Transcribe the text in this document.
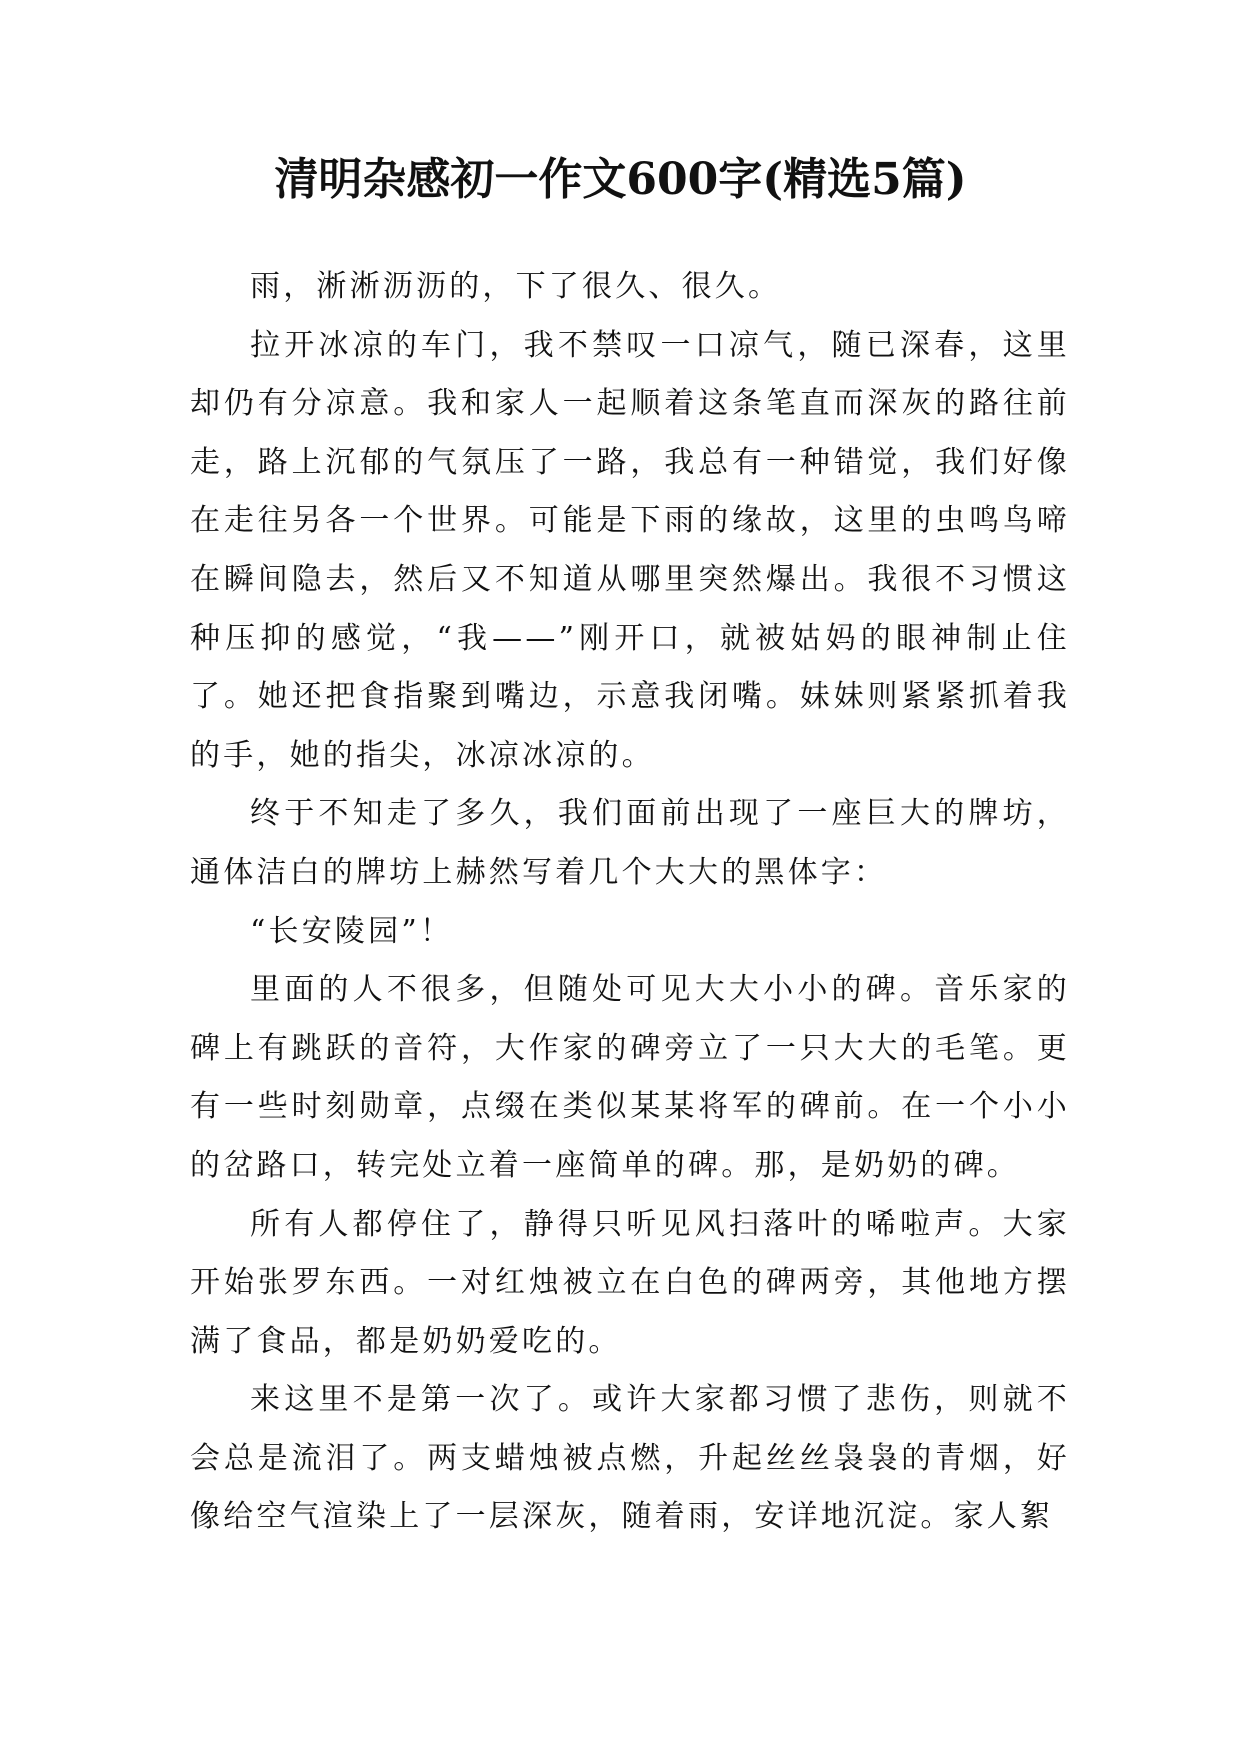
清明杂感初一作文600字(精选5篇)

雨，淅淅沥沥的，下了很久、很久。

拉开冰凉的车门，我不禁叹一口凉气，随已深春，这里却仍有分凉意。我和家人一起顺着这条笔直而深灰的路往前走，路上沉郁的气氛压了一路，我总有一种错觉，我们好像在走往另各一个世界。可能是下雨的缘故，这里的虫鸣鸟啼在瞬间隐去，然后又不知道从哪里突然爆出。我很不习惯这种压抑的感觉，“我——”刚开口，就被姑妈的眼神制止住了。她还把食指聚到嘴边，示意我闭嘴。妹妹则紧紧抓着我的手，她的指尖，冰凉冰凉的。

终于不知走了多久，我们面前出现了一座巨大的牌坊，通体洁白的牌坊上赫然写着几个大大的黑体字：

“长安陵园”！

里面的人不很多，但随处可见大大小小的碑。音乐家的碑上有跳跃的音符，大作家的碑旁立了一只大大的毛笔。更有一些时刻勋章，点缀在类似某某将军的碑前。在一个小小的岔路口，转完处立着一座简单的碑。那，是奶奶的碑。

所有人都停住了，静得只听见风扫落叶的唏啦声。大家开始张罗东西。一对红烛被立在白色的碑两旁，其他地方摆满了食品，都是奶奶爱吃的。

来这里不是第一次了。或许大家都习惯了悲伤，则就不会总是流泪了。两支蜡烛被点燃，升起丝丝袅袅的青烟，好像给空气渲染上了一层深灰，随着雨，安详地沉淀。家人絮
